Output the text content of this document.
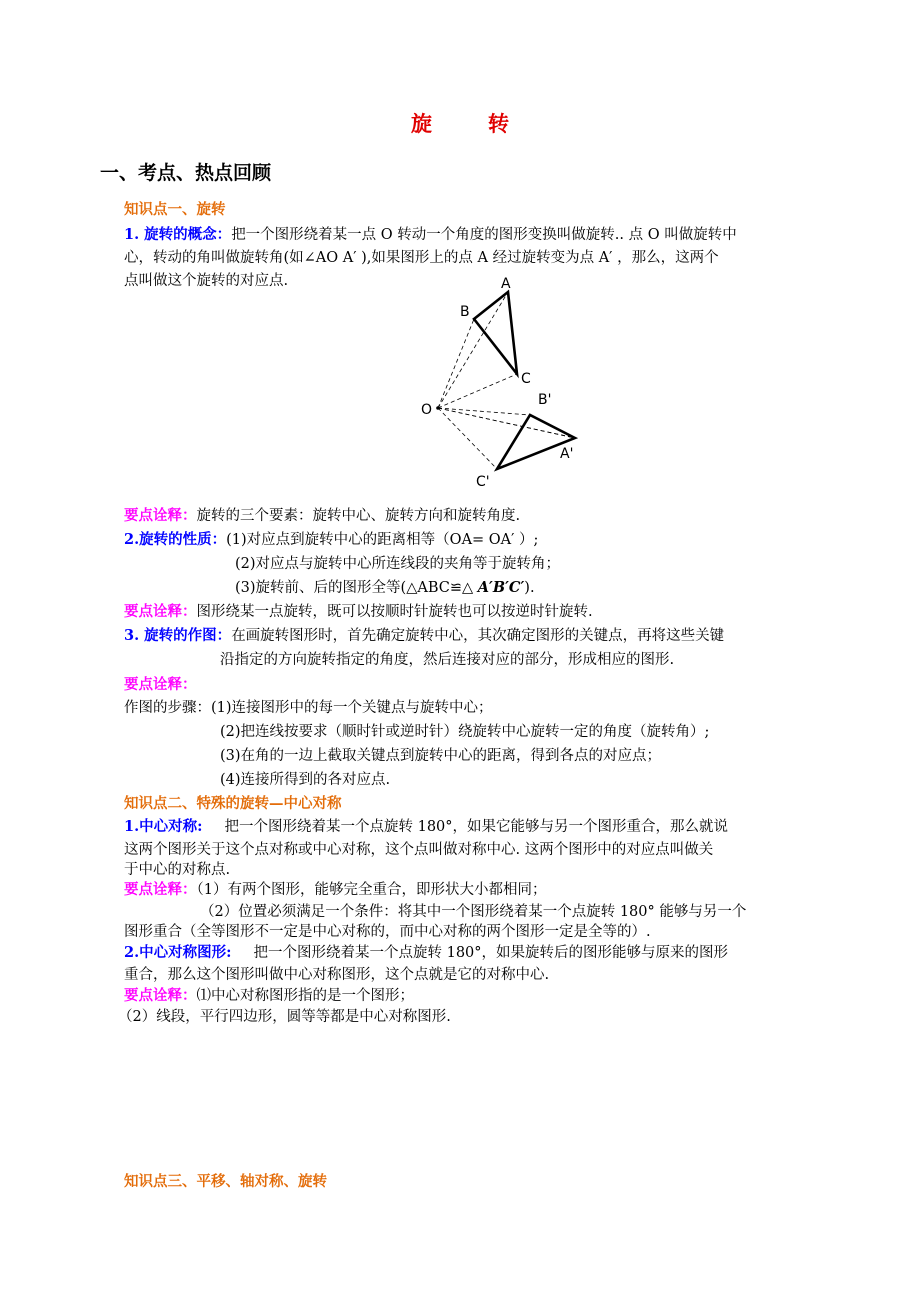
旋	转
一、考点、热点回顾
知识点一、旋转
1. 旋转的概念：把一个图形绕着某一点 O 转动一个角度的图形变换叫做旋转.. 点 O 叫做旋转中
心，转动的角叫做旋转角(如∠AO A′ ),如果图形上的点 A 经过旋转变为点 A′ ，那么，这两个
点叫做这个旋转的对应点.	A
B
C
O
B'
A'
C'
要点诠释：旋转的三个要素：旋转中心、旋转方向和旋转角度.
2.旋转的性质：(1)对应点到旋转中心的距离相等（OA= OA′ ）;
(2)对应点与旋转中心所连线段的夹角等于旋转角；
(3)旋转前、后的图形全等(△ABC≌△ A′B′C′).
要点诠释：图形绕某一点旋转，既可以按顺时针旋转也可以按逆时针旋转.
3. 旋转的作图：在画旋转图形时，首先确定旋转中心，其次确定图形的关键点，再将这些关键
沿指定的方向旋转指定的角度，然后连接对应的部分，形成相应的图形.
要点诠释：
作图的步骤：(1)连接图形中的每一个关键点与旋转中心；
(2)把连线按要求（顺时针或逆时针）绕旋转中心旋转一定的角度（旋转角）;
(3)在角的一边上截取关键点到旋转中心的距离，得到各点的对应点；
(4)连接所得到的各对应点.
知识点二、特殊的旋转—中心对称
1.中心对称: 把一个图形绕着某一个点旋转 180°，如果它能够与另一个图形重合，那么就说
这两个图形关于这个点对称或中心对称，这个点叫做对称中心. 这两个图形中的对应点叫做关
于中心的对称点.
要点诠释：（1）有两个图形，能够完全重合，即形状大小都相同；
（2）位置必须满足一个条件：将其中一个图形绕着某一个点旋转 180° 能够与另一个
图形重合（全等图形不一定是中心对称的，而中心对称的两个图形一定是全等的）.
2.中心对称图形: 把一个图形绕着某一个点旋转 180°，如果旋转后的图形能够与原来的图形
重合，那么这个图形叫做中心对称图形，这个点就是它的对称中心.
要点诠释：⑴中心对称图形指的是一个图形；
（2）线段，平行四边形，圆等等都是中心对称图形.
知识点三、平移、轴对称、旋转
